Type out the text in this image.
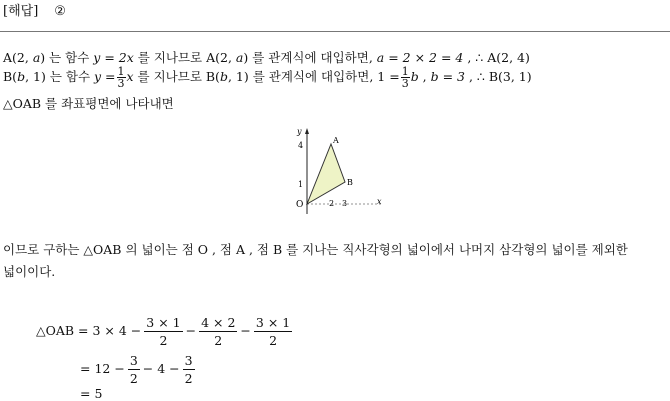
[해답] ②
A(2, a) 는 함수 y = 2x 를 지나므로 A(2, a) 를 관계식에 대입하면, a = 2 × 2 = 4 , ∴ A(2, 4)
B(b, 1) 는 함수 $y = \frac{1}{3}$ x 를 지나므로 B(b, 1) 를 관계식에 대입하면, $1 = \frac{1}{3}$ b , b = 3 , ∴ B(3, 1)
△OAB 를 좌표평면에 나타내면
y
4
1
O
A
B
2 3	x
이므로 구하는 △OAB 의 넓이는 점 O , 점 A , 점 B 를 지나는 직사각형의 넓이에서 나머지 삼각형의 넓이를 제외한
넓이이다.
△OAB = $3 \times 4 - \frac{3 \times 1}{2} - \frac{4 \times 2}{2} - \frac{3 \times 1}{2}$
= $12 - \frac{3}{2} - 4 - \frac{3}{2}$
= 5
